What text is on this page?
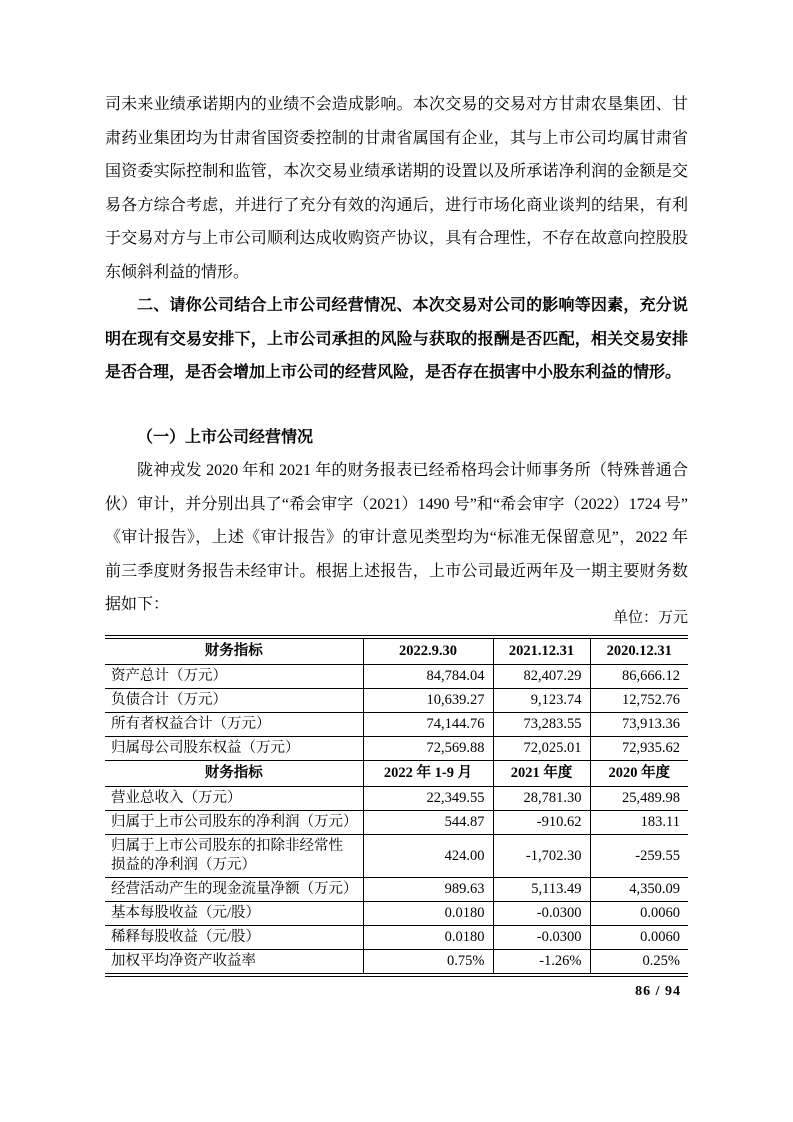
司未来业绩承诺期内的业绩不会造成影响。本次交易的交易对方甘肃农垦集团、甘肃药业集团均为甘肃省国资委控制的甘肃省属国有企业，其与上市公司均属甘肃省国资委实际控制和监管，本次交易业绩承诺期的设置以及所承诺净利润的金额是交易各方综合考虑，并进行了充分有效的沟通后，进行市场化商业谈判的结果，有利于交易对方与上市公司顺利达成收购资产协议，具有合理性，不存在故意向控股股东倾斜利益的情形。

二、请你公司结合上市公司经营情况、本次交易对公司的影响等因素，充分说明在现有交易安排下，上市公司承担的风险与获取的报酬是否匹配，相关交易安排是否合理，是否会增加上市公司的经营风险，是否存在损害中小股东利益的情形。

（一）上市公司经营情况

陇神戎发 2020 年和 2021 年的财务报表已经希格玛会计师事务所（特殊普通合伙）审计，并分别出具了“希会审字（2021）1490 号”和“希会审字（2022）1724 号” 《审计报告》，上述《审计报告》的审计意见类型均为“标准无保留意见”，2022 年前三季度财务报告未经审计。根据上述报告，上市公司最近两年及一期主要财务数据如下：

单位：万元
财务指标	2022.9.30	2021.12.31	2020.12.31
资产总计（万元）	84,784.04	82,407.29	86,666.12
负债合计（万元）	10,639.27	9,123.74	12,752.76
所有者权益合计（万元）	74,144.76	73,283.55	73,913.36
归属母公司股东权益（万元）	72,569.88	72,025.01	72,935.62
财务指标	2022 年 1-9 月	2021 年度	2020 年度
营业总收入（万元）	22,349.55	28,781.30	25,489.98
归属于上市公司股东的净利润（万元）	544.87	-910.62	183.11
归属于上市公司股东的扣除非经常性损益的净利润（万元）	424.00	-1,702.30	-259.55
经营活动产生的现金流量净额（万元）	989.63	5,113.49	4,350.09
基本每股收益（元/股）	0.0180	-0.0300	0.0060
稀释每股收益（元/股）	0.0180	-0.0300	0.0060
加权平均净资产收益率	0.75%	-1.26%	0.25%
86 / 94
